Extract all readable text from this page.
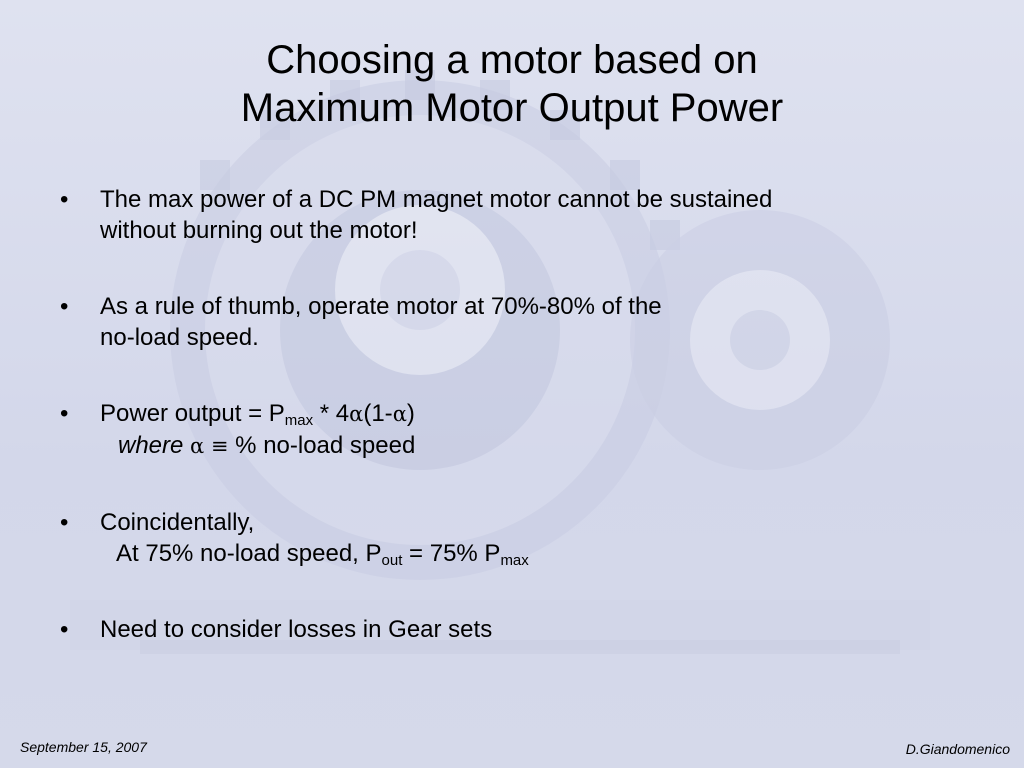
Choosing a motor based on
Maximum Motor Output Power
• The max power of a DC PM magnet motor cannot be sustained
without burning out the motor!
• As a rule of thumb, operate motor at 70%-80% of the
no-load speed.
• Power output = $P_{max} * 4\alpha(1-\alpha)$
where α ≡ % no-load speed
• Coincidentally,
At 75% no-load speed, $P_{out} = 75\%$ $P_{max}$
• Need to consider losses in Gear sets
September 15, 2007	D.Giandomenico
